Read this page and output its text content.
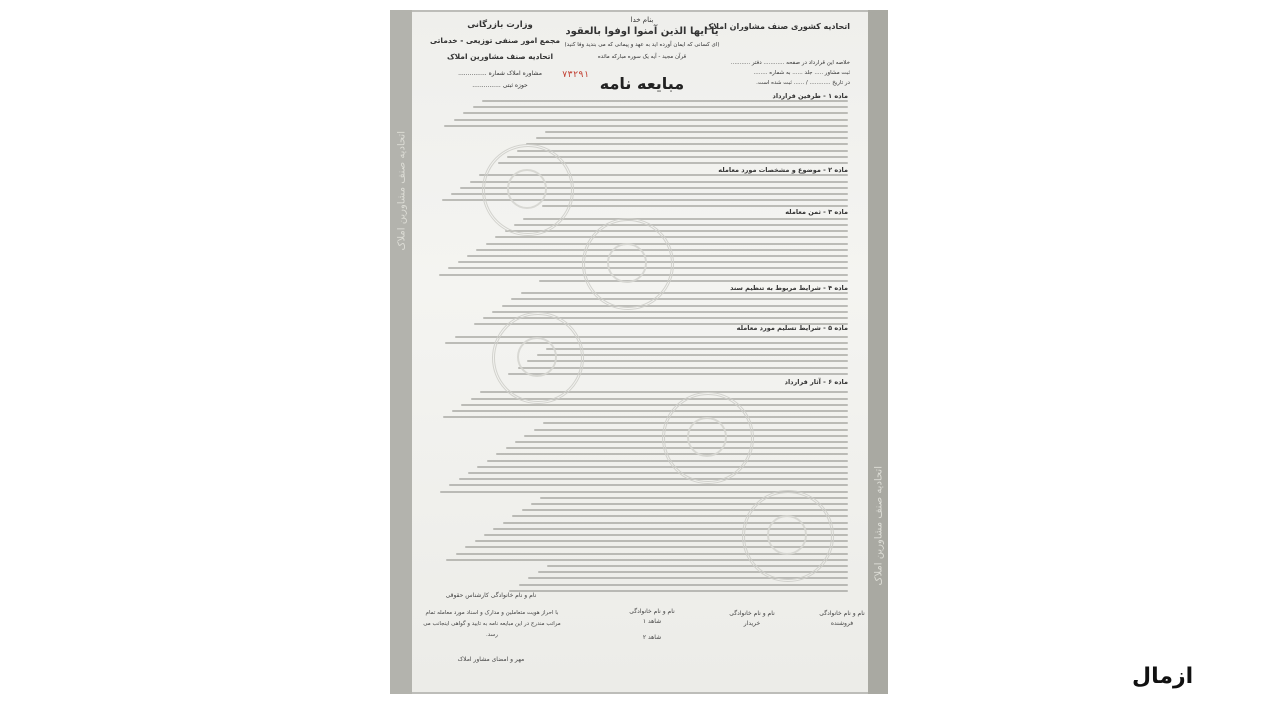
اتحادیه صنف مشاورین املاک
اتحادیه صنف مشاورین املاک
وزارت بازرگانی
مجمع امور صنفی توزیعی - خدماتی
اتحادیه صنف مشاورین املاک
مشاوره املاک شماره ...............
حوزه ثبتی ...............
بنام خدا
یا ایها الذین آمنوا اوفوا بالعقود
(ای کسانی که ایمان آورده اید به عهد و پیمانی که می بندید وفا کنید)
قرآن مجید - آیه یک سوره مبارکه مائده
۷۳۲۹۱ مبایعه نامه
اتحادیه کشوری صنف مشاوران املاک
خلاصه این قرارداد در صفحه ............ دفتر ...........
ثبت مشاور ..... جلد ...... به شماره ........
در تاریخ ............ / ...... ثبت شده است.
ماده ۱ - طرفین قرارداد
ماده ۲ - موضوع و مشخصات مورد معامله
ماده ۳ - ثمن معامله
ماده ۴ - شرایط مربوط به تنظیم سند
ماده ۵ - شرایط تسلیم مورد معامله
ماده ۶ - آثار قرارداد
نام و نام خانوادگی کارشناس حقوقی
با احراز هویت متعاملین و مدارک و اسناد مورد معامله تمام مراتب مندرج در این مبایعه نامه به تایید و گواهی اینجانب می رسد.
مهر و امضای مشاور املاک
نام و نام خانوادگی
فروشنده
نام و نام خانوادگی
خریدار
نام و نام خانوادگی
شاهد ۱
شاهد ۲
ازمال
